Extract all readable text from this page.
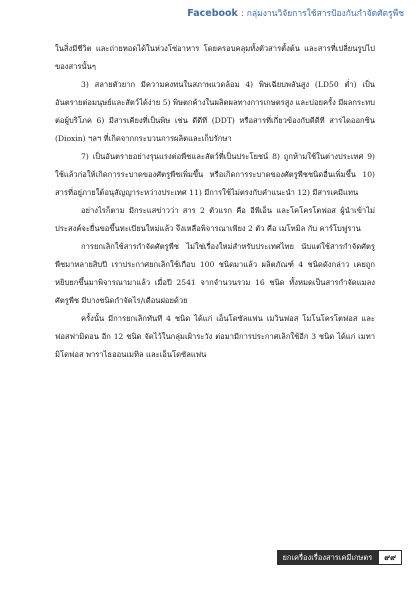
Facebook : กลุ่มงานวิจัยการใช้สารป้องกันกำจัดศัตรูพืช

ในสิ่งมีชีวิต และถ่ายทอดได้ในห่วงโซ่อาหาร โดยครอบคลุมทั้งตัวสารตั้งต้น และสารที่เปลี่ยนรูปไปของสารนั้นๆ

3) สลายตัวยาก มีความคงทนในสภาพแวดล้อม 4) พิษเฉียบพลันสูง (LD50 ต่ำ) เป็นอันตรายต่อมนุษย์และสัตว์ได้ง่าย 5) พิษตกค้างในผลิตผลทางการเกษตรสูง และบ่อยครั้ง มีผลกระทบต่อผู้บริโภค 6) มีสารเคียงที่เป็นพิษ เช่น ดีดีที (DDT) หรือสารที่เกี่ยวข้องกับดีดีที สารไดออกซิน (Dioxin) ฯลฯ ที่เกิดจากกระบวนการผลิตและเก็บรักษา

7) เป็นอันตรายอย่างรุนแรงต่อพืชและสัตว์ที่เป็นประโยชน์ 8) ถูกห้ามใช้ในต่างประเทศ 9) ใช้แล้วก่อให้เกิดการระบาดของศัตรูพืชเพิ่มขึ้น หรือเกิดการระบาดของศัตรูพืชชนิดอื่นเพิ่มขึ้น 10) สารที่อยู่ภายใต้อนุสัญญาระหว่างประเทศ 11) มีการใช้ไม่ตรงกับคำแนะนำ 12) มีสารเคมีแทน

อย่างไรก็ตาม มีกระแสข่าวว่า สาร 2 ตัวแรก คือ อีพีเอ็น และโคโครโตฟอส ผู้นำเข้าไม่ประสงค์จะยื่นขอขึ้นทะเบียนใหม่แล้ว จึงเหลือพิจารณาเพียง 2 ตัว คือ เมโทมิล กับ คาร์โบฟูราน

การยกเลิกใช้สารกำจัดศัตรูพืช ไม่ใช่เรื่องใหม่สำหรับประเทศไทย นับแต่ใช้สารกำจัดศัตรูพืชมาหลายสิบปี เราประกาศยกเลิกใช้เกือบ 100 ชนิดมาแล้ว ผลิตภัณฑ์ 4 ชนิดดังกล่าว เคยถูกหยิบยกขึ้นมาพิจารณามาแล้ว เมื่อปี 2541 จากจำนวนรวม 16 ชนิด ทั้งหมดเป็นสารกำจัดแมลงศัตรูพืช มีบางชนิดกำจัดไร/เดือนฝอยด้วย

ครั้งนั้น มีการยกเลิกทันที 4 ชนิด ได้แก่ เอ็นโดซัลแฟน เมวินฟอส โมโนโครโตฟอส และ ฟอสฟามิดอน อีก 12 ชนิด จัดไว้ในกลุ่มเฝ้าระวัง ต่อมามีการประกาศเลิกใช้อีก 3 ชนิด ได้แก่ เมทามิโดฟอส พาราไธออนเมทิล และเอ็นโดซัลแฟน

ยกเครื่องเรื่องสารเคมีเกษตร	๙๙
